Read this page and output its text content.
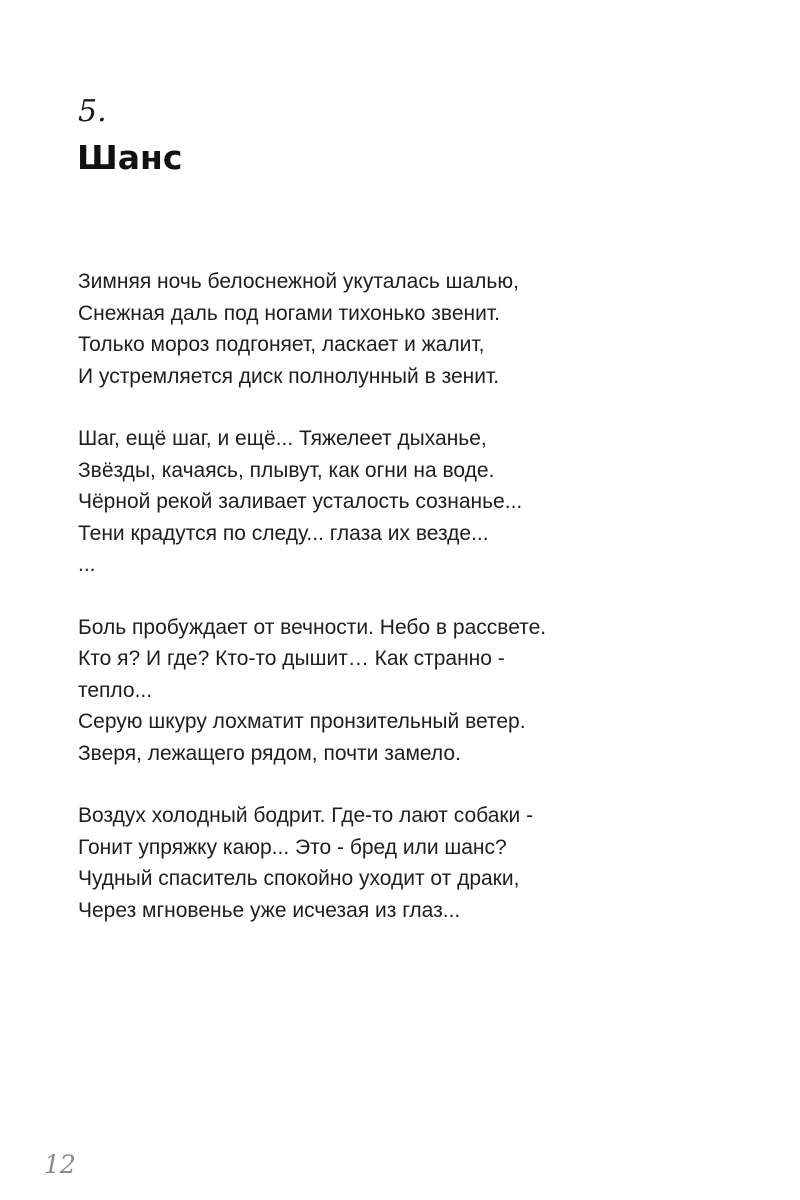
5.
Шанс
Зимняя ночь белоснежной укуталась шалью,
Снежная даль под ногами тихонько звенит.
Только мороз подгоняет, ласкает и жалит,
И устремляется диск полнолунный в зенит.
Шаг, ещё шаг, и ещё... Тяжелеет дыханье,
Звёзды, качаясь, плывут, как огни на воде.
Чёрной рекой заливает усталость сознанье...
Тени крадутся по следу... глаза их везде...
...
Боль пробуждает от вечности. Небо в рассвете.
Кто я? И где? Кто-то дышит… Как странно -
тепло...
Серую шкуру лохматит пронзительный ветер.
Зверя, лежащего рядом, почти замело.
Воздух холодный бодрит. Где-то лают собаки -
Гонит упряжку каюр... Это - бред или шанс?
Чудный спаситель спокойно уходит от драки,
Через мгновенье уже исчезая из глаз...
12
